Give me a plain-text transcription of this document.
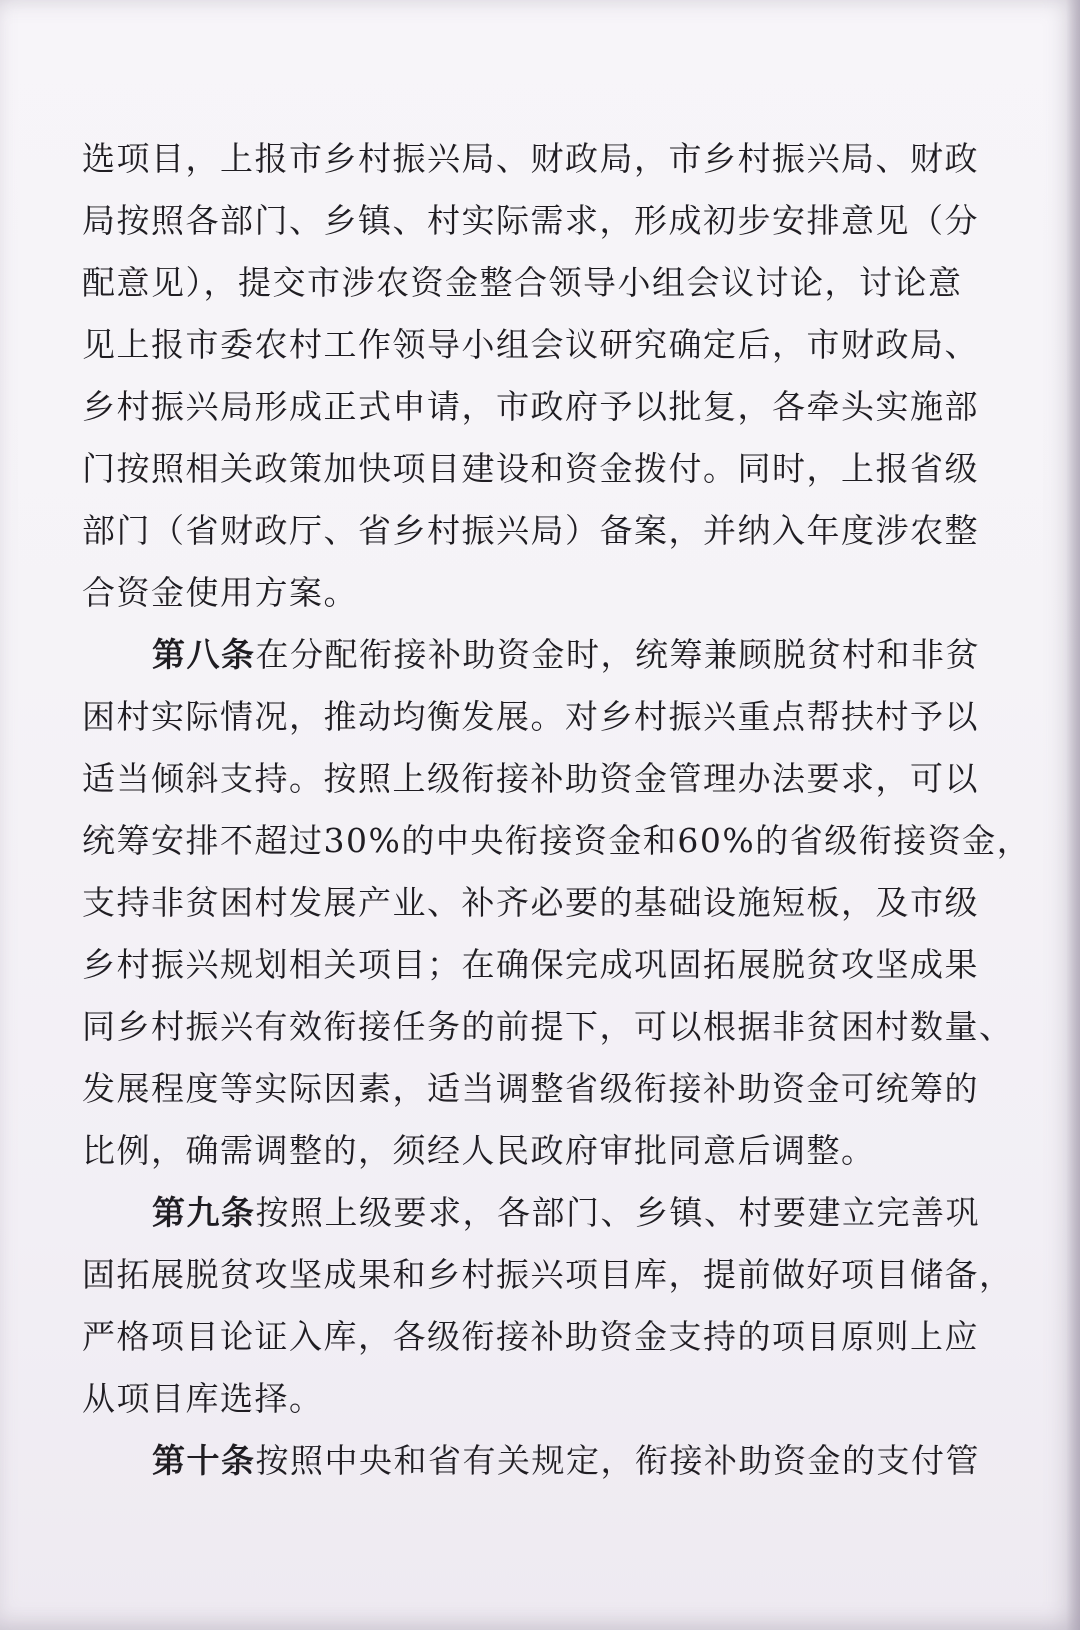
选项目，上报市乡村振兴局、财政局，市乡村振兴局、财政
局按照各部门、乡镇、村实际需求，形成初步安排意见（分
配意见），提交市涉农资金整合领导小组会议讨论，讨论意
见上报市委农村工作领导小组会议研究确定后，市财政局、
乡村振兴局形成正式申请，市政府予以批复，各牵头实施部
门按照相关政策加快项目建设和资金拨付。同时，上报省级
部门（省财政厅、省乡村振兴局）备案，并纳入年度涉农整
合资金使用方案。
第八条在分配衔接补助资金时，统筹兼顾脱贫村和非贫
困村实际情况，推动均衡发展。对乡村振兴重点帮扶村予以
适当倾斜支持。按照上级衔接补助资金管理办法要求，可以
统筹安排不超过30%的中央衔接资金和60%的省级衔接资金，
支持非贫困村发展产业、补齐必要的基础设施短板，及市级
乡村振兴规划相关项目；在确保完成巩固拓展脱贫攻坚成果
同乡村振兴有效衔接任务的前提下，可以根据非贫困村数量、
发展程度等实际因素，适当调整省级衔接补助资金可统筹的
比例，确需调整的，须经人民政府审批同意后调整。
第九条按照上级要求，各部门、乡镇、村要建立完善巩
固拓展脱贫攻坚成果和乡村振兴项目库，提前做好项目储备，
严格项目论证入库，各级衔接补助资金支持的项目原则上应
从项目库选择。
第十条按照中央和省有关规定，衔接补助资金的支付管
